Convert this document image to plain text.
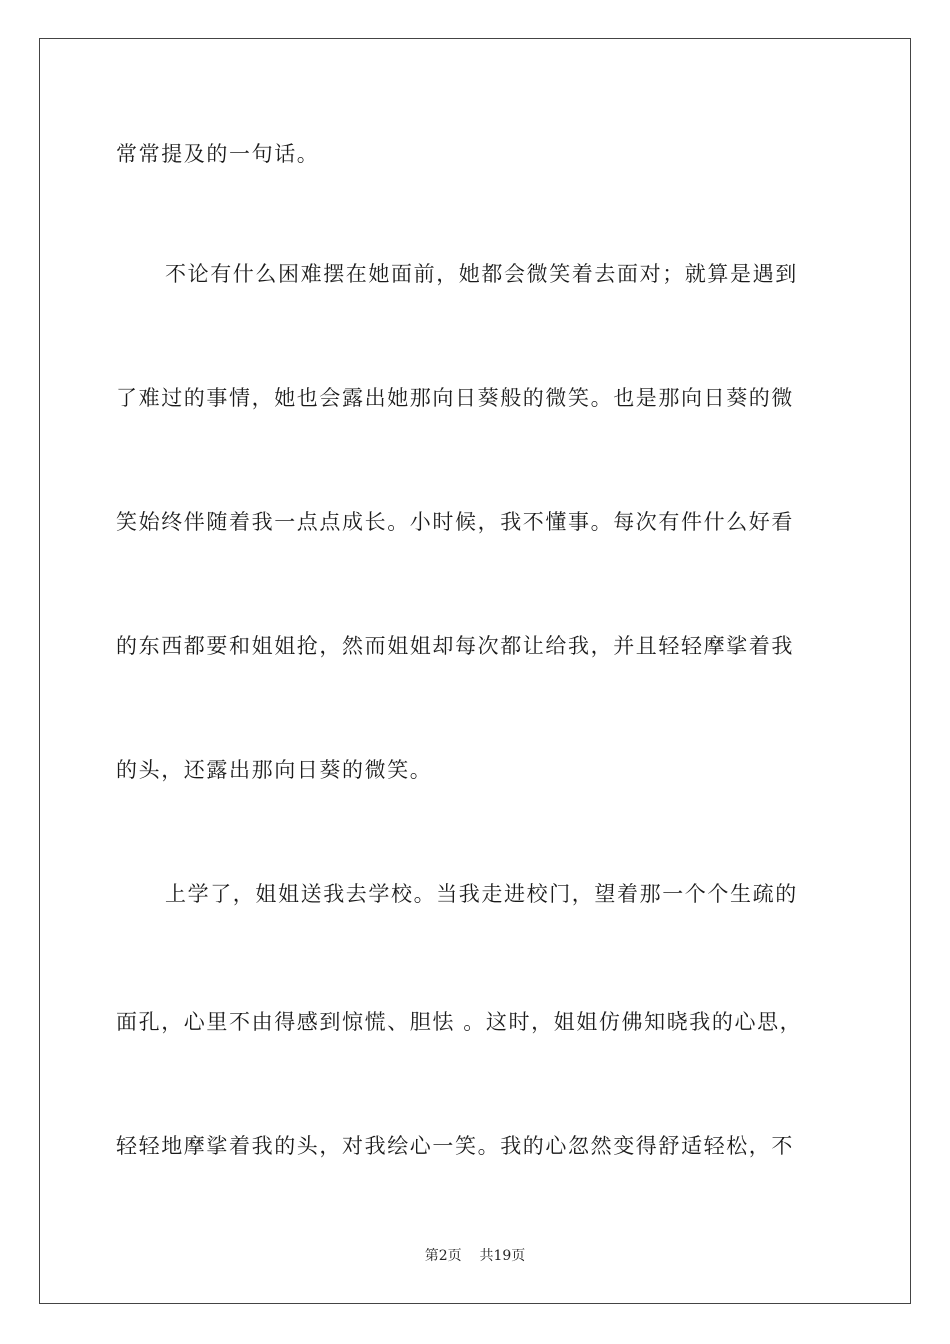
常常提及的一句话。
不论有什么困难摆在她面前，她都会微笑着去面对；就算是遇到
了难过的事情，她也会露出她那向日葵般的微笑。也是那向日葵的微
笑始终伴随着我一点点成长。小时候，我不懂事。每次有件什么好看
的东西都要和姐姐抢，然而姐姐却每次都让给我，并且轻轻摩挲着我
的头，还露出那向日葵的微笑。
上学了，姐姐送我去学校。当我走进校门，望着那一个个生疏的
面孔，心里不由得感到惊慌、胆怯 。这时，姐姐仿佛知晓我的心思，
轻轻地摩挲着我的头，对我绘心一笑。我的心忽然变得舒适轻松，不
第2页 共19页
